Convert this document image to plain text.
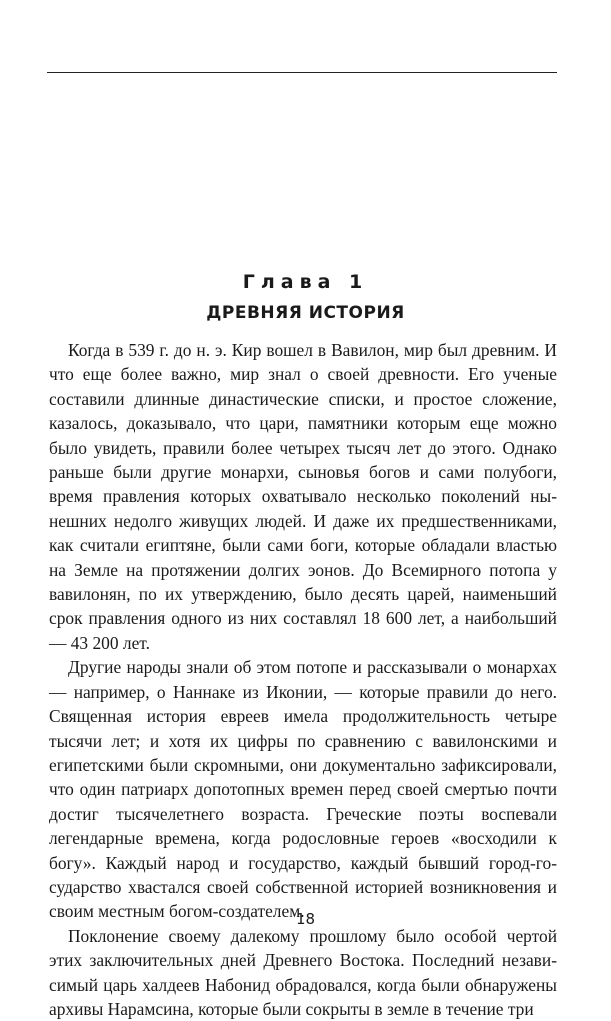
Глава 1
ДРЕВНЯЯ ИСТОРИЯ

Когда в 539 г. до н. э. Кир вошел в Вавилон, мир был древним. И что еще более важно, мир знал о своей древности. Его ученые составили длинные династические списки, и простое сложение, казалось, доказывало, что цари, памятники которым еще можно было увидеть, правили более четырех тысяч лет до этого. Однако раньше были другие монархи, сыновья богов и сами полубоги, время правления которых охватывало несколько поколений нынешних недолго живущих людей. И даже их предшественниками, как считали египтяне, были сами боги, которые обладали властью на Земле на протяжении долгих эонов. До Всемирного потопа у вавилонян, по их утверждению, было десять царей, наименьший срок правления одного из них составлял 18 600 лет, а наибольший — 43 200 лет.

Другие народы знали об этом потопе и рассказывали о монархах — например, о Наннаке из Иконии, — которые правили до него. Священная история евреев имела продолжительность четыре тысячи лет; и хотя их цифры по сравнению с вавилонскими и египетскими были скромными, они документально зафиксировали, что один патриарх допотопных времен перед своей смертью почти достиг тысячелетнего возраста. Греческие поэты воспевали легендарные времена, когда родословные героев «восходили к богу». Каждый народ и государство, каждый бывший город-государство хвастался своей собственной историей возникновения и своим местным богом-создателем.

Поклонение своему далекому прошлому было особой чертой этих заключительных дней Древнего Востока. Последний независимый царь халдеев Набонид обрадовался, когда были обнаружены архивы Нарамсина, которые были сокрыты в земле в течение три

18
